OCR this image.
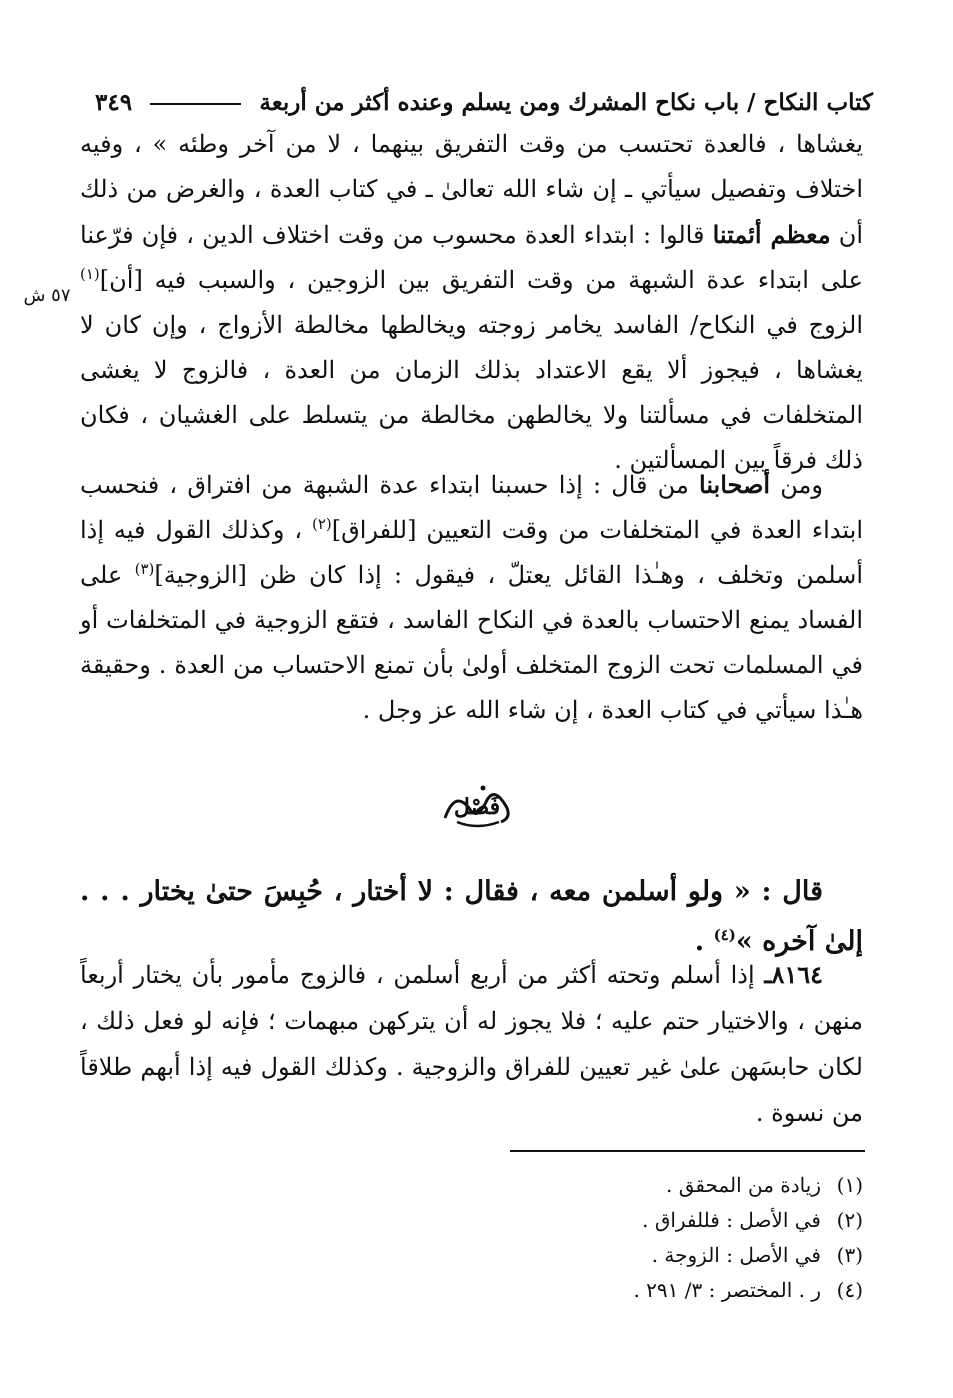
كتاب النكاح / باب نكاح المشرك ومن يسلم وعنده أكثر من أربعة
٣٤٩
٥٧ ش

يغشاها ، فالعدة تحتسب من وقت التفريق بينهما ، لا من آخر وطئه » ، وفيه اختلاف وتفصيل سيأتي ـ إن شاء الله تعالىٰ ـ في كتاب العدة ، والغرض من ذلك أن معظم أئمتنا قالوا : ابتداء العدة محسوب من وقت اختلاف الدين ، فإن فرّعنا على ابتداء عدة الشبهة من وقت التفريق بين الزوجين ، والسبب فيه [أن]$^{(١)}$ الزوج في النكاح/ الفاسد يخامر زوجته ويخالطها مخالطة الأزواج ، وإن كان لا يغشاها ، فيجوز ألا يقع الاعتداد بذلك الزمان من العدة ، فالزوج لا يغشى المتخلفات في مسألتنا ولا يخالطهن مخالطة من يتسلط على الغشيان ، فكان ذلك فرقاً بين المسألتين .

ومن أصحابنا من قال : إذا حسبنا ابتداء عدة الشبهة من افتراق ، فنحسب ابتداء العدة في المتخلفات من وقت التعيين [للفراق]$^{(٢)}$ ، وكذلك القول فيه إذا أسلمن وتخلف ، وهـٰذا القائل يعتلّ ، فيقول : إذا كان ظن [الزوجية]$^{(٣)}$ على الفساد يمنع الاحتساب بالعدة في النكاح الفاسد ، فتقع الزوجية في المتخلفات أو في المسلمات تحت الزوج المتخلف أولىٰ بأن تمنع الاحتساب من العدة . وحقيقة هـٰذا سيأتي في كتاب العدة ، إن شاء الله عز وجل .

فَصْل

قال : « ولو أسلمن معه ، فقال : لا أختار ، حُبِسَ حتىٰ يختار . . . إلىٰ آخره »$^{(٤)}$ .

٨١٦٤ـ إذا أسلم وتحته أكثر من أربع أسلمن ، فالزوج مأمور بأن يختار أربعاً منهن ، والاختيار حتم عليه ؛ فلا يجوز له أن يتركهن مبهمات ؛ فإنه لو فعل ذلك ، لكان حابسَهن علىٰ غير تعيين للفراق والزوجية . وكذلك القول فيه إذا أبهم طلاقاً من نسوة .

(١)
زيادة من المحقق .
(٢)
في الأصل : فللفراق .
(٣)
في الأصل : الزوجة .
(٤)
ر . المختصر : ٣/ ٢٩١ .
